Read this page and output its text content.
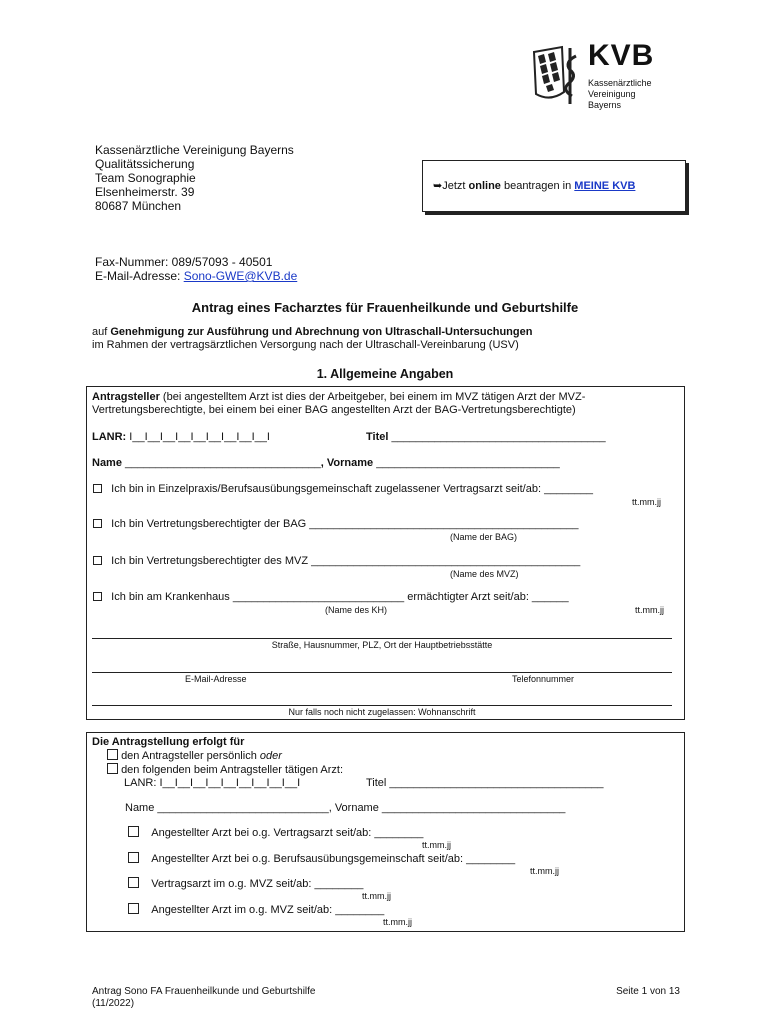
KVB
Kassenärztliche
Vereinigung
Bayerns
Kassenärztliche Vereinigung Bayerns
Qualitätssicherung
Team Sonographie
Elsenheimerstr. 39
80687 München
➥Jetzt online beantragen in MEINE KVB
Fax-Nummer: 089/57093 - 40501
E-Mail-Adresse: Sono-GWE@KVB.de
Antrag eines Facharztes für Frauenheilkunde und Geburtshilfe
auf Genehmigung zur Ausführung und Abrechnung von Ultraschall-Untersuchungen
im Rahmen der vertragsärztlichen Versorgung nach der Ultraschall-Vereinbarung (USV)
1. Allgemeine Angaben
Antragsteller (bei angestelltem Arzt ist dies der Arbeitgeber, bei einem im MVZ tätigen Arzt der MVZ-
Vertretungsberechtigte, bei einem bei einer BAG angestellten Arzt der BAG-Vertretungsberechtigte)
LANR: I__I__I__I__I__I__I__I__I__I	Titel ___________________________________
Name ________________________________, Vorname ______________________________
Ich bin in Einzelpraxis/Berufsausübungsgemeinschaft zugelassener Vertragsarzt seit/ab: ________
tt.mm.jj
Ich bin Vertretungsberechtigter der BAG ____________________________________________
(Name der BAG)
Ich bin Vertretungsberechtigter des MVZ ____________________________________________
(Name des MVZ)
Ich bin am Krankenhaus ____________________________ ermächtigter Arzt seit/ab: ______
(Name des KH)	tt.mm.jj
Straße, Hausnummer, PLZ, Ort der Hauptbetriebsstätte
E-Mail-Adresse	Telefonnummer
Nur falls noch nicht zugelassen: Wohnanschrift
Die Antragstellung erfolgt für
den Antragsteller persönlich oder
den folgenden beim Antragsteller tätigen Arzt:
LANR: I__I__I__I__I__I__I__I__I__I	Titel ___________________________________
Name ____________________________, Vorname ______________________________
Angestellter Arzt bei o.g. Vertragsarzt seit/ab: ________
tt.mm.jj
Angestellter Arzt bei o.g. Berufsausübungsgemeinschaft seit/ab: ________
tt.mm.jj
Vertragsarzt im o.g. MVZ seit/ab: ________
tt.mm.jj
Angestellter Arzt im o.g. MVZ seit/ab: ________
tt.mm.jj
Antrag Sono FA Frauenheilkunde und Geburtshilfe
(11/2022)
Seite 1 von 13
